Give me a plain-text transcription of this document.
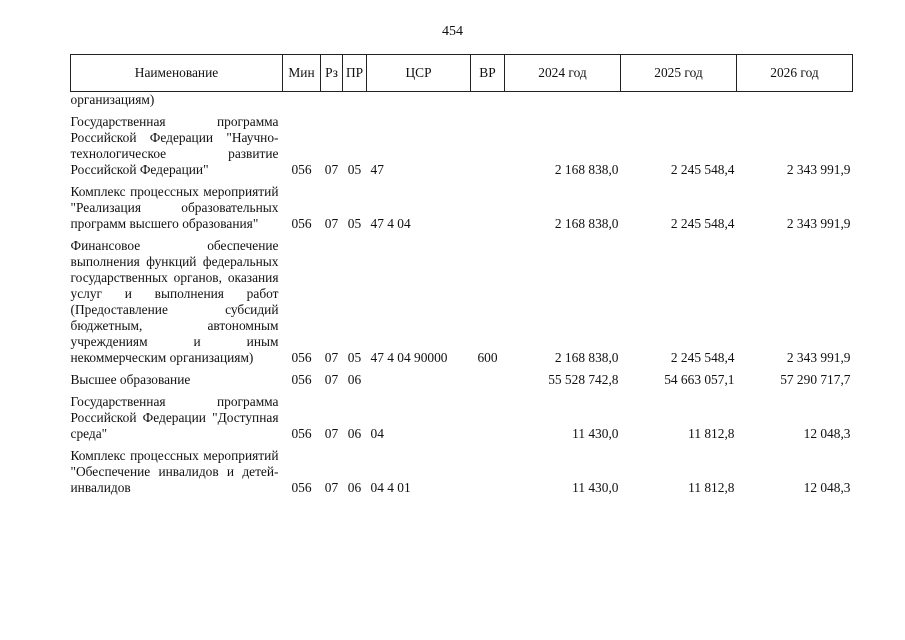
454
Наименование	Мин	Рз	ПР	ЦСР	ВР	2024 год	2025 год	2026 год
организациям)								
Государственная программа Российской Федерации "Научно-технологическое развитие Российской Федерации"	056	07	05	47		2 168 838,0	2 245 548,4	2 343 991,9
Комплекс процессных мероприятий "Реализация образовательных программ высшего образования"	056	07	05	47 4 04		2 168 838,0	2 245 548,4	2 343 991,9
Финансовое обеспечение выполнения функций федеральных государственных органов, оказания услуг и выполнения работ (Предоставление субсидий бюджетным, автономным учреждениям и иным некоммерческим организациям)	056	07	05	47 4 04 90000	600	2 168 838,0	2 245 548,4	2 343 991,9
Высшее образование	056	07	06			55 528 742,8	54 663 057,1	57 290 717,7
Государственная программа Российской Федерации "Доступная среда"	056	07	06	04		11 430,0	11 812,8	12 048,3
Комплекс процессных мероприятий "Обеспечение инвалидов и детей-инвалидов	056	07	06	04 4 01		11 430,0	11 812,8	12 048,3
